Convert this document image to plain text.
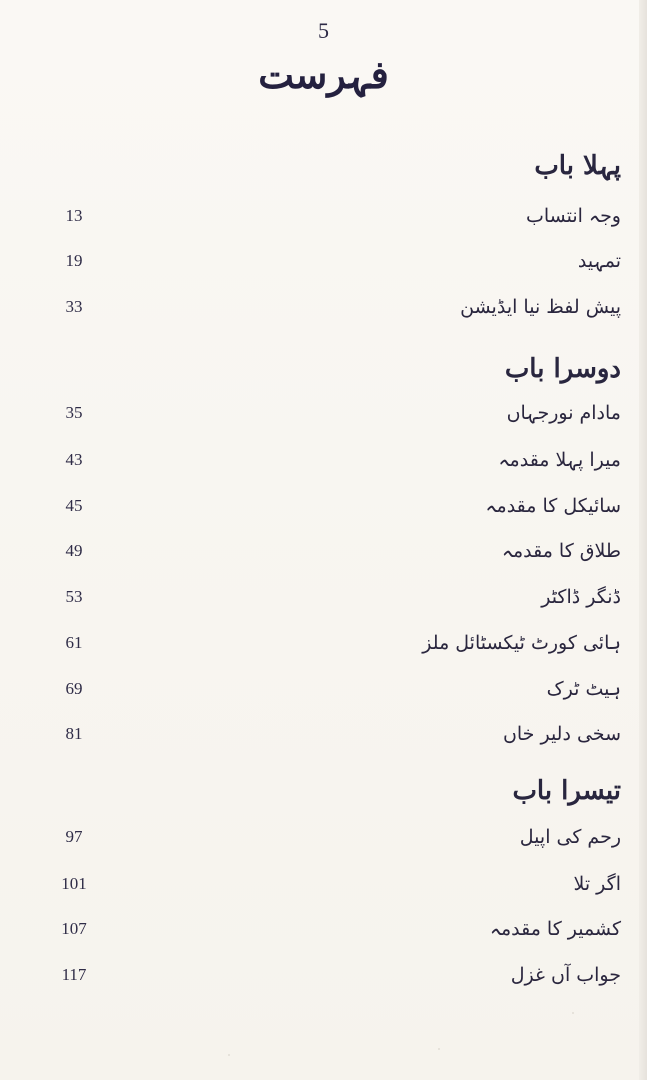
5
فہرست
پہلا باب
وجہ انتساب
13
تمہید
19
پیش لفظ نیا ایڈیشن
33
دوسرا باب
مادام نورجہاں
35
میرا پہلا مقدمہ
43
سائیکل کا مقدمہ
45
طلاق کا مقدمہ
49
ڈنگر ڈاکٹر
53
ہائی کورٹ ٹیکسٹائل ملز
61
ہیٹ ٹرک
69
سخی دلیر خاں
81
تیسرا باب
رحم کی اپیل
97
اگر تلا
101
کشمیر کا مقدمہ
107
جواب آں غزل
117
